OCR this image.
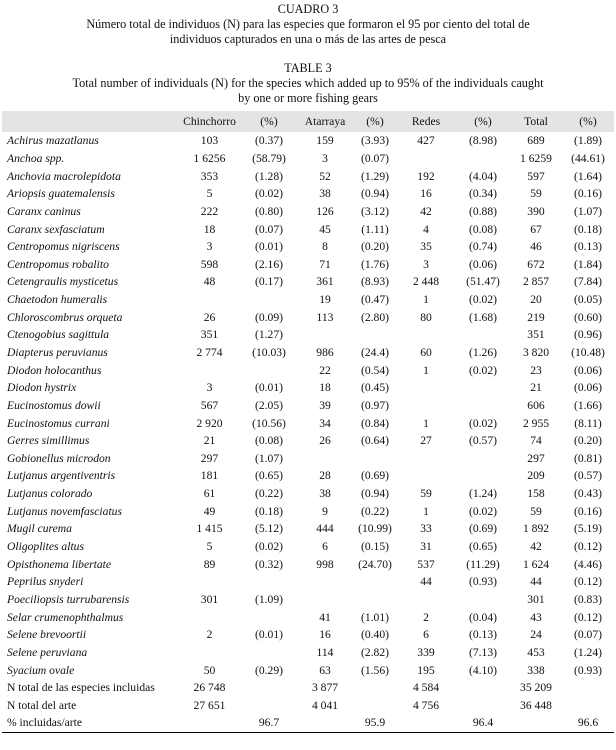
CUADRO 3
Número total de individuos (N) para las especies que formaron el 95 por ciento del total de
individuos capturados en una o más de las artes de pesca
TABLE 3
Total number of individuals (N) for the species which added up to 95% of the individuals caught
by one or more fishing gears
	Chinchorro	(%)	Atarraya	(%)	Redes	(%)	Total	(%)
Achirus mazatlanus	103	(0.37)	159	(3.93)	427	(8.98)	689	(1.89)
Anchoa spp.	1 6256	(58.79)	3	(0.07)			1 6259	(44.61)
Anchovia macrolepidota	353	(1.28)	52	(1.29)	192	(4.04)	597	(1.64)
Ariopsis guatemalensis	5	(0.02)	38	(0.94)	16	(0.34)	59	(0.16)
Caranx caninus	222	(0.80)	126	(3.12)	42	(0.88)	390	(1.07)
Caranx sexfasciatum	18	(0.07)	45	(1.11)	4	(0.08)	67	(0.18)
Centropomus nigriscens	3	(0.01)	8	(0.20)	35	(0.74)	46	(0.13)
Centropomus robalito	598	(2.16)	71	(1.76)	3	(0.06)	672	(1.84)
Cetengraulis mysticetus	48	(0.17)	361	(8.93)	2 448	(51.47)	2 857	(7.84)
Chaetodon humeralis			19	(0.47)	1	(0.02)	20	(0.05)
Chloroscombrus orqueta	26	(0.09)	113	(2.80)	80	(1.68)	219	(0.60)
Ctenogobius sagittula	351	(1.27)					351	(0.96)
Diapterus peruvianus	2 774	(10.03)	986	(24.4)	60	(1.26)	3 820	(10.48)
Diodon holocanthus			22	(0.54)	1	(0.02)	23	(0.06)
Diodon hystrix	3	(0.01)	18	(0.45)			21	(0.06)
Eucinostomus dowii	567	(2.05)	39	(0.97)			606	(1.66)
Eucinostomus currani	2 920	(10.56)	34	(0.84)	1	(0.02)	2 955	(8.11)
Gerres simillimus	21	(0.08)	26	(0.64)	27	(0.57)	74	(0.20)
Gobionellus microdon	297	(1.07)					297	(0.81)
Lutjanus argentiventris	181	(0.65)	28	(0.69)			209	(0.57)
Lutjanus colorado	61	(0.22)	38	(0.94)	59	(1.24)	158	(0.43)
Lutjanus novemfasciatus	49	(0.18)	9	(0.22)	1	(0.02)	59	(0.16)
Mugil curema	1 415	(5.12)	444	(10.99)	33	(0.69)	1 892	(5.19)
Oligoplites altus	5	(0.02)	6	(0.15)	31	(0.65)	42	(0.12)
Opisthonema libertate	89	(0.32)	998	(24.70)	537	(11.29)	1 624	(4.46)
Peprilus snyderi					44	(0.93)	44	(0.12)
Poeciliopsis turrubarensis	301	(1.09)					301	(0.83)
Selar crumenophthalmus			41	(1.01)	2	(0.04)	43	(0.12)
Selene brevoortii	2	(0.01)	16	(0.40)	6	(0.13)	24	(0.07)
Selene peruviana			114	(2.82)	339	(7.13)	453	(1.24)
Syacium ovale	50	(0.29)	63	(1.56)	195	(4.10)	338	(0.93)
N total de las especies incluidas	26 748		3 877		4 584		35 209	
N total del arte	27 651		4 041		4 756		36 448	
% incluidas/arte		96.7		95.9		96.4		96.6
